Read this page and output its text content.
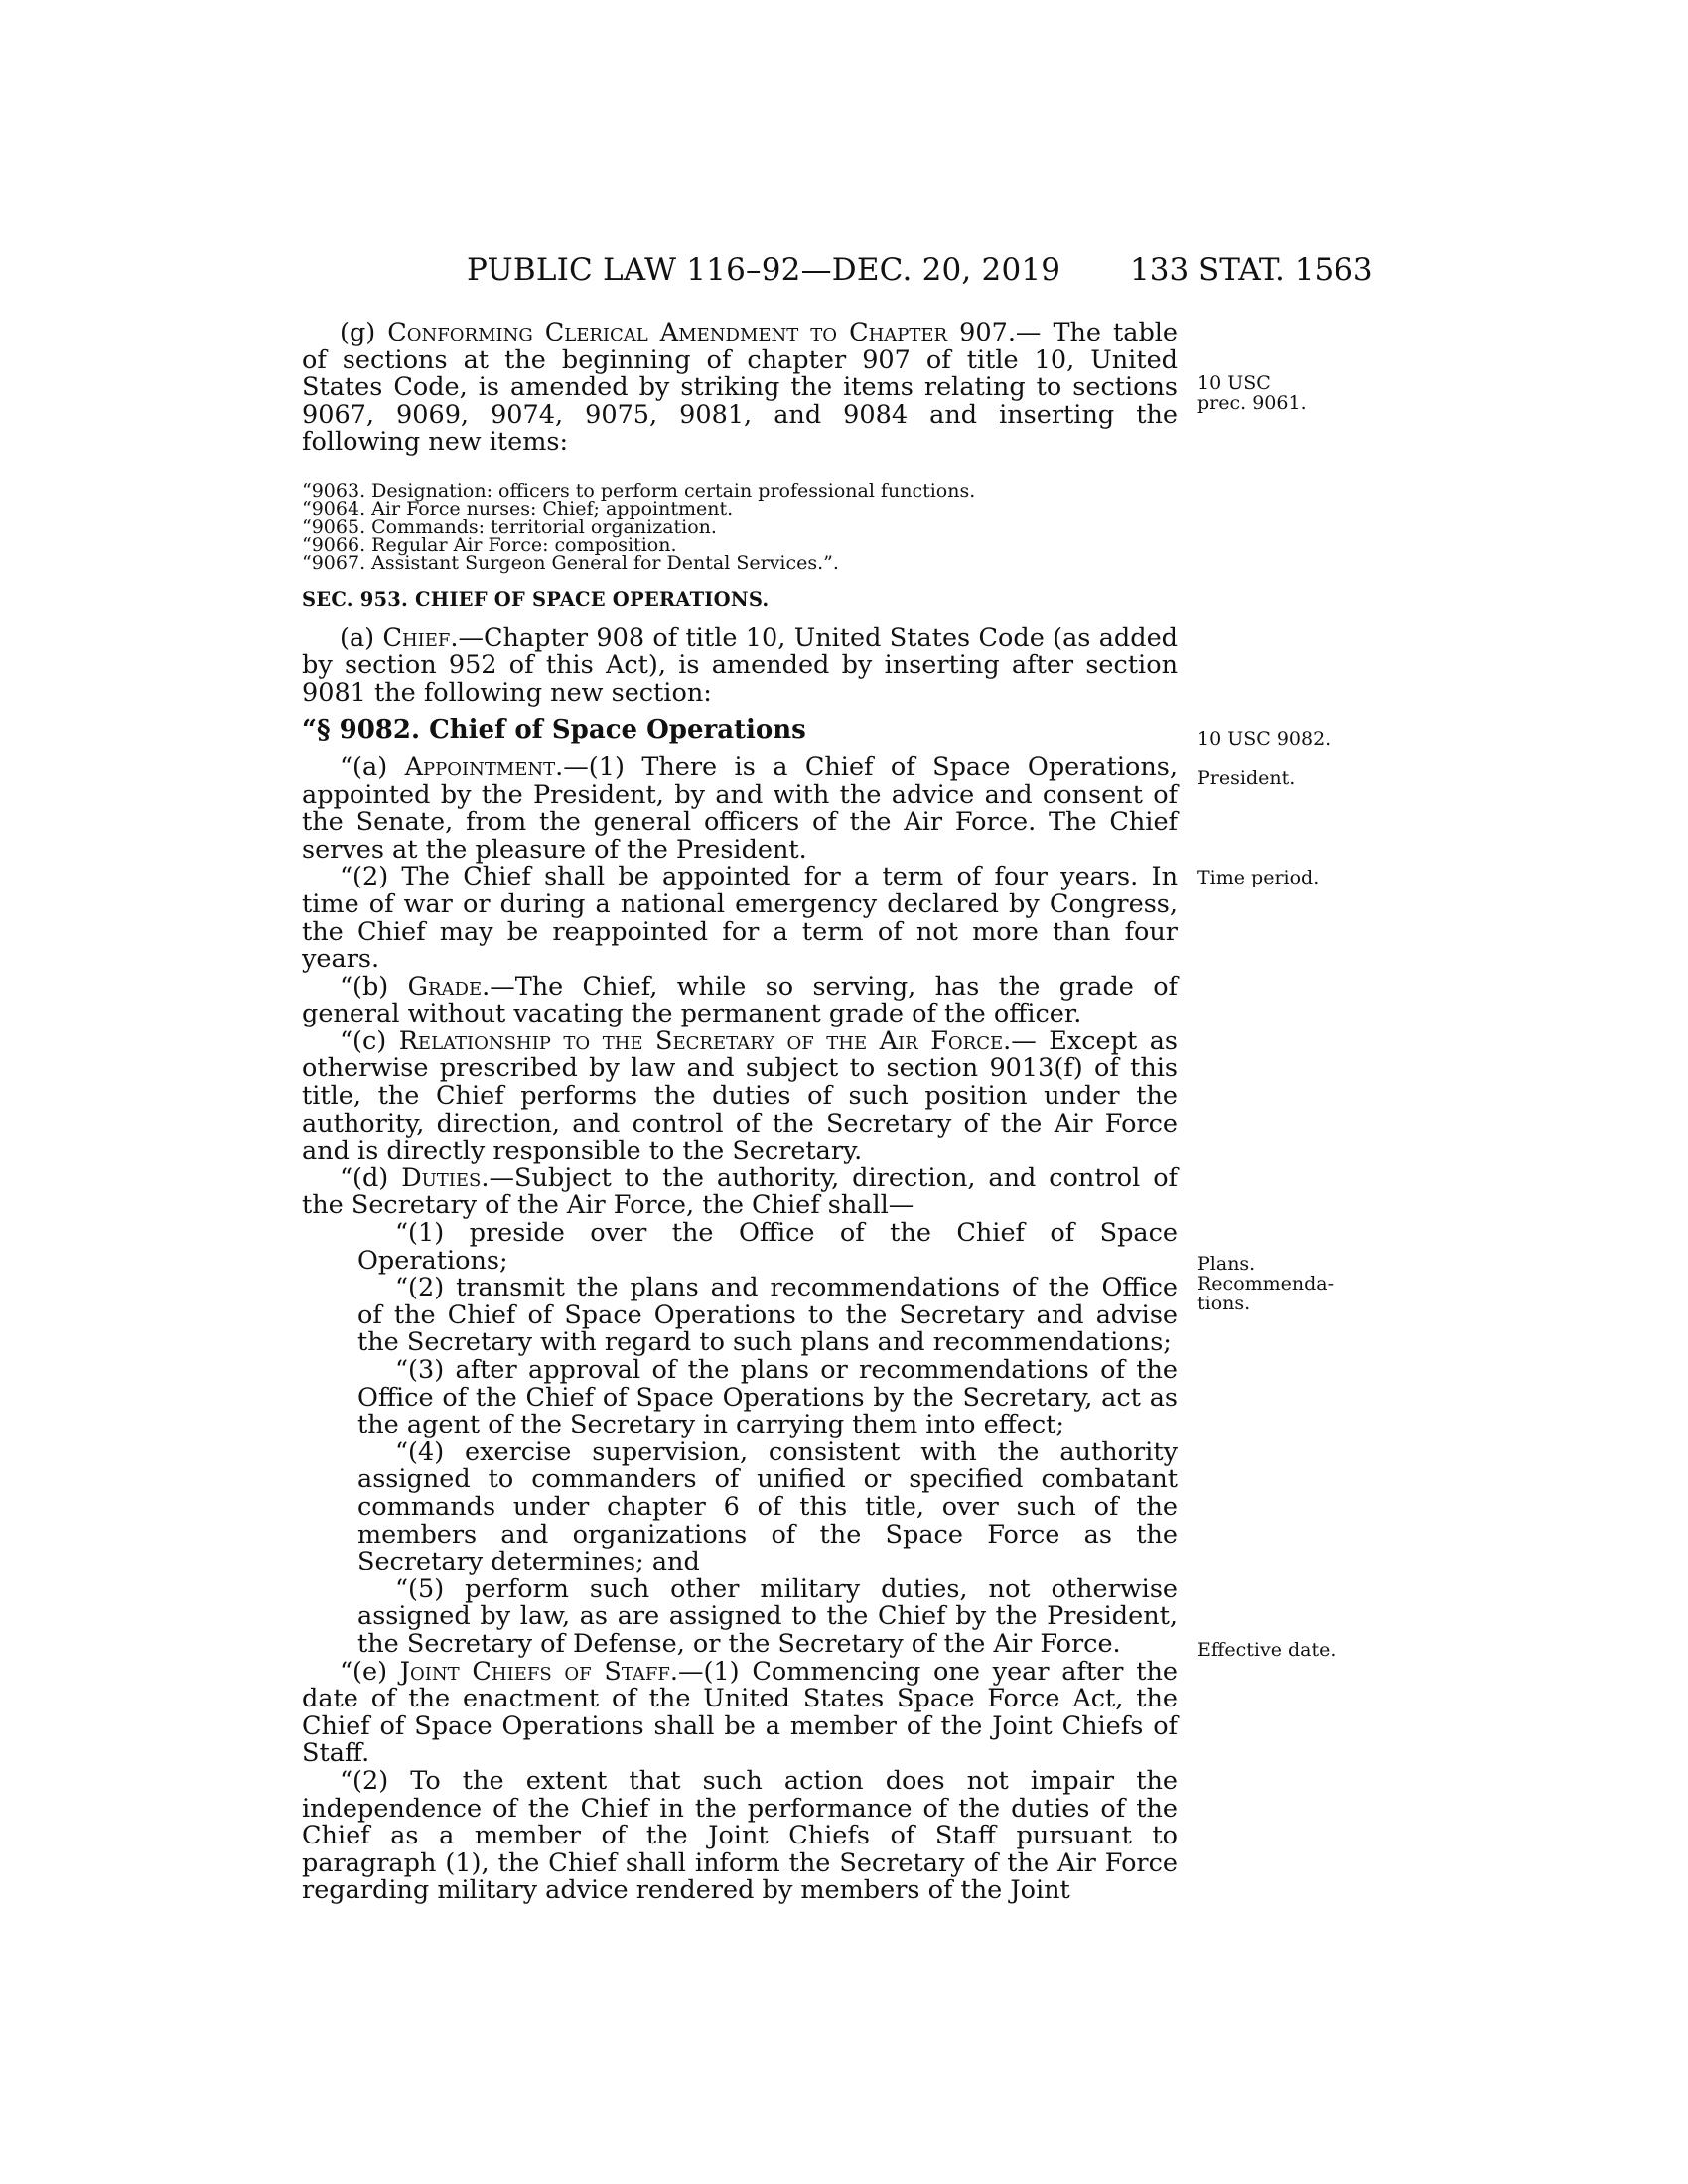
PUBLIC LAW 116–92—DEC. 20, 2019 133 STAT. 1563
10 USC
prec. 9061.
10 USC 9082.
President.
Time period.
Plans.
Recommenda-
tions.
Effective date.

(g) Conforming Clerical Amendment to Chapter 907.— The table of sections at the beginning of chapter 907 of title 10, United States Code, is amended by striking the items relating to sections 9067, 9069, 9074, 9075, 9081, and 9084 and inserting the following new items:

“9063. Designation: officers to perform certain professional functions.
“9064. Air Force nurses: Chief; appointment.
“9065. Commands: territorial organization.
“9066. Regular Air Force: composition.
“9067. Assistant Surgeon General for Dental Services.”.
SEC. 953. CHIEF OF SPACE OPERATIONS.

(a) Chief.—Chapter 908 of title 10, United States Code (as added by section 952 of this Act), is amended by inserting after section 9081 the following new section:

“§ 9082. Chief of Space Operations

“(a) Appointment.—(1) There is a Chief of Space Operations, appointed by the President, by and with the advice and consent of the Senate, from the general officers of the Air Force. The Chief serves at the pleasure of the President.

“(2) The Chief shall be appointed for a term of four years. In time of war or during a national emergency declared by Congress, the Chief may be reappointed for a term of not more than four years.

“(b) Grade.—The Chief, while so serving, has the grade of general without vacating the permanent grade of the officer.

“(c) Relationship to the Secretary of the Air Force.— Except as otherwise prescribed by law and subject to section 9013(f) of this title, the Chief performs the duties of such position under the authority, direction, and control of the Secretary of the Air Force and is directly responsible to the Secretary.

“(d) Duties.—Subject to the authority, direction, and control of the Secretary of the Air Force, the Chief shall—

“(1) preside over the Office of the Chief of Space Operations;

“(2) transmit the plans and recommendations of the Office of the Chief of Space Operations to the Secretary and advise the Secretary with regard to such plans and recommendations;

“(3) after approval of the plans or recommendations of the Office of the Chief of Space Operations by the Secretary, act as the agent of the Secretary in carrying them into effect;

“(4) exercise supervision, consistent with the authority assigned to commanders of unified or specified combatant commands under chapter 6 of this title, over such of the members and organizations of the Space Force as the Secretary determines; and

“(5) perform such other military duties, not otherwise assigned by law, as are assigned to the Chief by the President, the Secretary of Defense, or the Secretary of the Air Force.

“(e) Joint Chiefs of Staff.—(1) Commencing one year after the date of the enactment of the United States Space Force Act, the Chief of Space Operations shall be a member of the Joint Chiefs of Staff.

“(2) To the extent that such action does not impair the independence of the Chief in the performance of the duties of the Chief as a member of the Joint Chiefs of Staff pursuant to paragraph (1), the Chief shall inform the Secretary of the Air Force regarding military advice rendered by members of the Joint
